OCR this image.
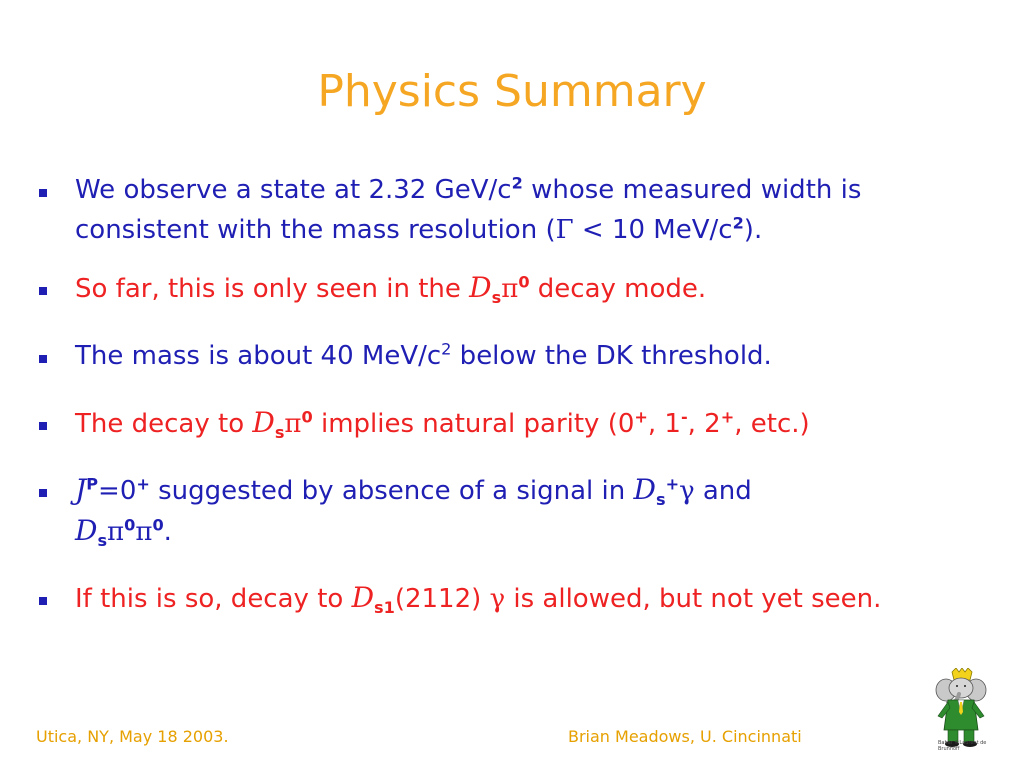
Physics Summary
We observe a state at 2.32 GeV/$c^2$ whose measured width is consistent with the mass resolution (Γ < 10 MeV/$c^2$).
So far, this is only seen in the $D_s\pi^0$ decay mode.
The mass is about 40 MeV/$c^2$ below the DK threshold.
The decay to $D_s\pi^0$ implies natural parity (0+, 1-, 2+, etc.)
$J^P=0^+$ suggested by absence of a signal in $D_s^+\gamma$ and
$D_s\pi^0\pi^0$.
If this is so, decay to $D_{s1}(2112)$ γ is allowed, but not yet seen.
Utica, NY, May 18 2003.	Brian Meadows, U. Cincinnati	Babar ©Laurent de Brunhoff
